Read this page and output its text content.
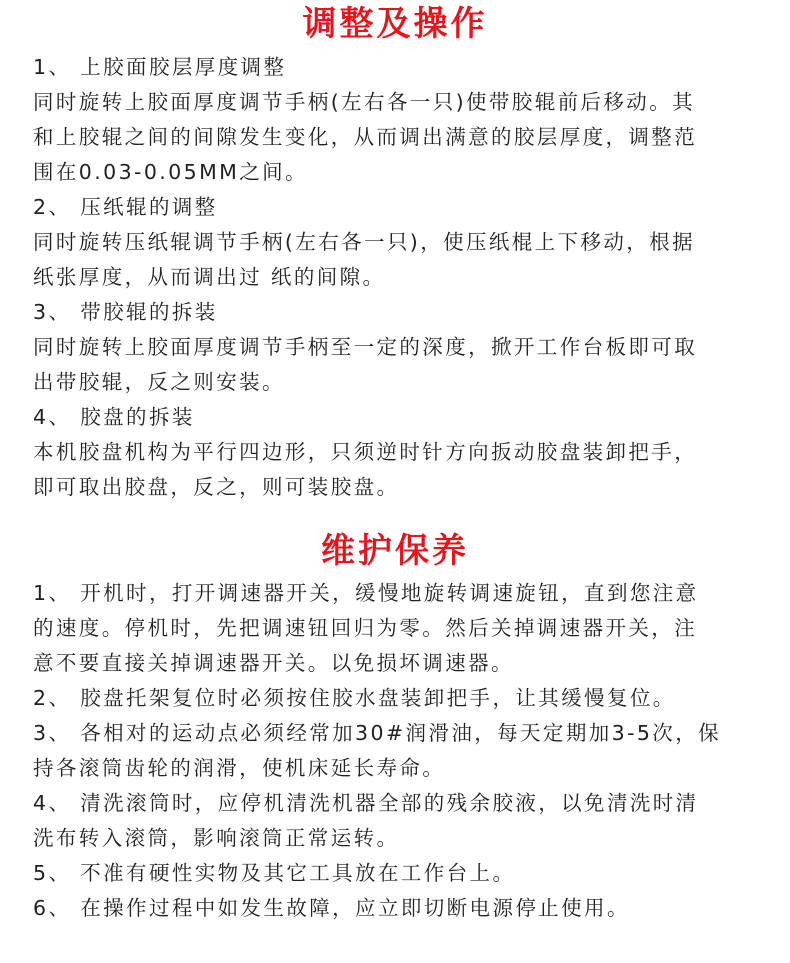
调整及操作
1、 上胶面胶层厚度调整
同时旋转上胶面厚度调节手柄(左右各一只)使带胶辊前后移动。其
和上胶辊之间的间隙发生变化，从而调出满意的胶层厚度，调整范
围在0.03-0.05MM之间。
2、 压纸辊的调整
同时旋转压纸辊调节手柄(左右各一只)，使压纸棍上下移动，根据
纸张厚度，从而调出过 纸的间隙。
3、 带胶辊的拆装
同时旋转上胶面厚度调节手柄至一定的深度，掀开工作台板即可取
出带胶辊，反之则安装。
4、 胶盘的拆装
本机胶盘机构为平行四边形，只须逆时针方向扳动胶盘装卸把手，
即可取出胶盘，反之，则可装胶盘。
维护保养
1、 开机时，打开调速器开关，缓慢地旋转调速旋钮，直到您注意
的速度。停机时，先把调速钮回归为零。然后关掉调速器开关，注
意不要直接关掉调速器开关。以免损坏调速器。
2、 胶盘托架复位时必须按住胶水盘装卸把手，让其缓慢复位。
3、 各相对的运动点必须经常加30#润滑油，每天定期加3-5次，保
持各滚筒齿轮的润滑，使机床延长寿命。
4、 清洗滚筒时，应停机清洗机器全部的残余胶液，以免清洗时清
洗布转入滚筒，影响滚筒正常运转。
5、 不准有硬性实物及其它工具放在工作台上。
6、 在操作过程中如发生故障，应立即切断电源停止使用。
